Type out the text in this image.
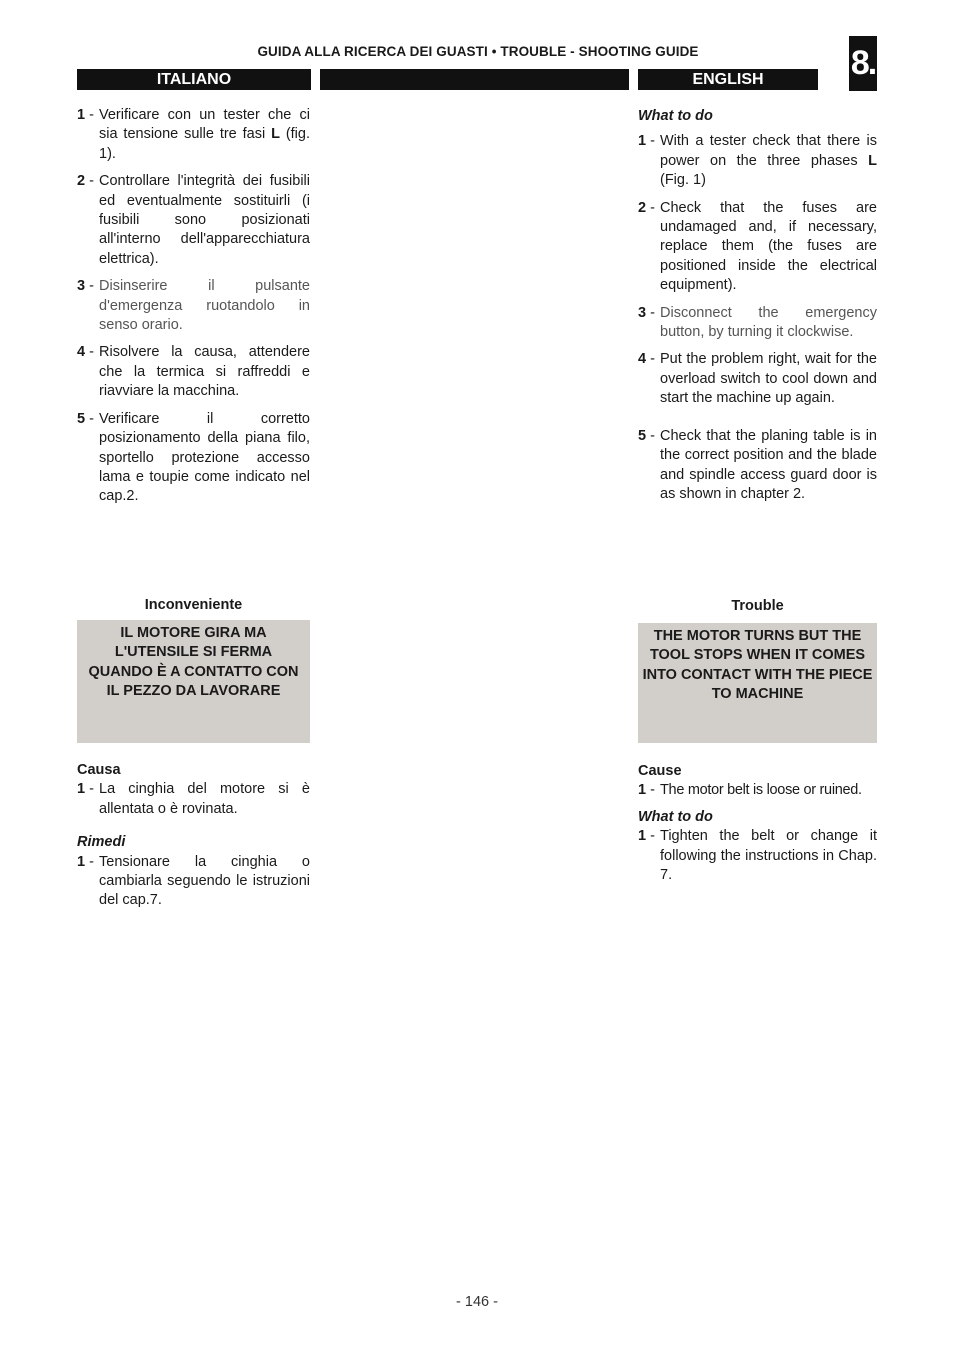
GUIDA ALLA RICERCA DEI GUASTI • TROUBLE - SHOOTING GUIDE	8.
ITALIANO	ENGLISH
1 - Verificare con un tester che ci sia tensione sulle tre fasi L (fig. 1).
2 - Controllare l'integrità dei fusibili ed eventualmente sostituirli (i fusibili sono posizionati all'interno dell'apparecchiatura elettrica).
3 - Disinserire il pulsante d'emergenza ruotandolo in senso orario.
4 - Risolvere la causa, attendere che la termica si raffreddi e riavviare la macchina.
5 - Verificare il corretto posizionamento della piana filo, sportello protezione accesso lama e toupie come indicato nel cap.2.
What to do
1 - With a tester check that there is power on the three phases L (Fig. 1)
2 - Check that the fuses are undamaged and, if necessary, replace them (the fuses are positioned inside the electrical equipment).
3 - Disconnect the emergency button, by turning it clockwise.
4 - Put the problem right, wait for the overload switch to cool down and start the machine up again.
5 - Check that the planing table is in the correct position and the blade and spindle access guard door is as shown in chapter 2.
Inconveniente
IL MOTORE GIRA MA L'UTENSILE SI FERMA QUANDO È A CONTATTO CON IL PEZZO DA LAVORARE
Causa
1 - La cinghia del motore si è allentata o è rovinata.
Rimedi
1 - Tensionare la cinghia o cambiarla seguendo le istruzioni del cap.7.
Trouble
THE MOTOR TURNS BUT THE TOOL STOPS WHEN IT COMES INTO CONTACT WITH THE PIECE TO MACHINE
Cause
1 - The motor belt is loose or ruined.
What to do
1 - Tighten the belt or change it following the instructions in Chap. 7.
- 146 -
